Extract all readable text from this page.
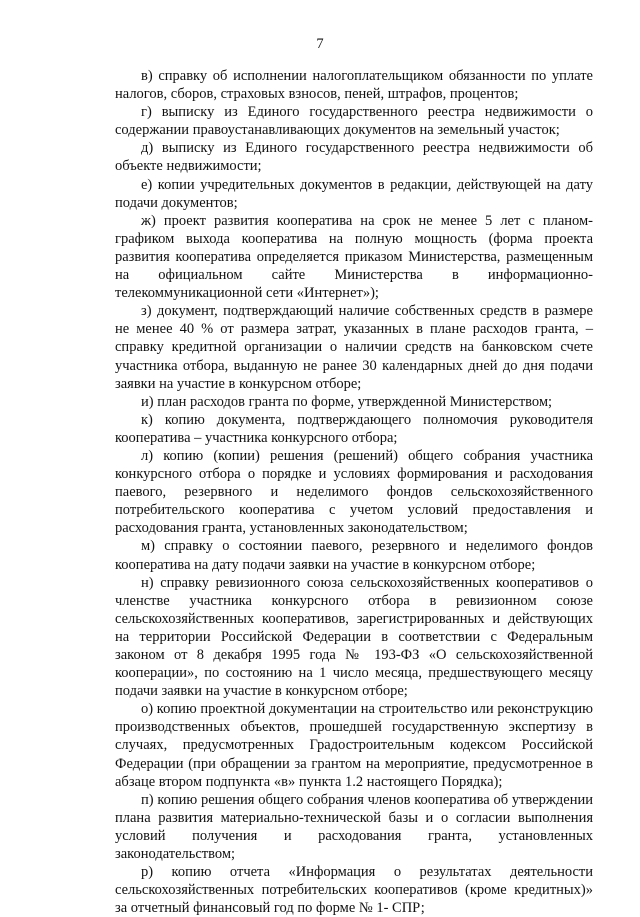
7

в) справку об исполнении налогоплательщиком обязанности по уплате налогов, сборов, страховых взносов, пеней, штрафов, процентов;

г) выписку из Единого государственного реестра недвижимости о содержании правоустанавливающих документов на земельный участок;

д) выписку из Единого государственного реестра недвижимости об объекте недвижимости;

е) копии учредительных документов в редакции, действующей на дату подачи документов;

ж) проект развития кооператива на срок не менее 5 лет с планом-графиком выхода кооператива на полную мощность (форма проекта развития кооператива определяется приказом Министерства, размещенным на официальном сайте Министерства в информационно-телекоммуникационной сети «Интернет»);

з) документ, подтверждающий наличие собственных средств в размере не менее 40 % от размера затрат, указанных в плане расходов гранта, – справку кредитной организации о наличии средств на банковском счете участника отбора, выданную не ранее 30 календарных дней до дня подачи заявки на участие в конкурсном отборе;

и) план расходов гранта по форме, утвержденной Министерством;

к) копию документа, подтверждающего полномочия руководителя кооператива – участника конкурсного отбора;

л) копию (копии) решения (решений) общего собрания участника конкурсного отбора о порядке и условиях формирования и расходования паевого, резервного и неделимого фондов сельскохозяйственного потребительского кооператива с учетом условий предоставления и расходования гранта, установленных законодательством;

м) справку о состоянии паевого, резервного и неделимого фондов кооператива на дату подачи заявки на участие в конкурсном отборе;

н) справку ревизионного союза сельскохозяйственных кооперативов о членстве участника конкурсного отбора в ревизионном союзе сельскохозяйственных кооперативов, зарегистрированных и действующих на территории Российской Федерации в соответствии с Федеральным законом от 8 декабря 1995 года № 193-ФЗ «О сельскохозяйственной кооперации», по состоянию на 1 число месяца, предшествующего месяцу подачи заявки на участие в конкурсном отборе;

о) копию проектной документации на строительство или реконструкцию производственных объектов, прошедшей государственную экспертизу в случаях, предусмотренных Градостроительным кодексом Российской Федерации (при обращении за грантом на мероприятие, предусмотренное в абзаце втором подпункта «в» пункта 1.2 настоящего Порядка);

п) копию решения общего собрания членов кооператива об утверждении плана развития материально-технической базы и о согласии выполнения условий получения и расходования гранта, установленных законодательством;

р) копию отчета «Информация о результатах деятельности сельскохозяйственных потребительских кооперативов (кроме кредитных)» за отчетный финансовый год по форме № 1- СПР;
